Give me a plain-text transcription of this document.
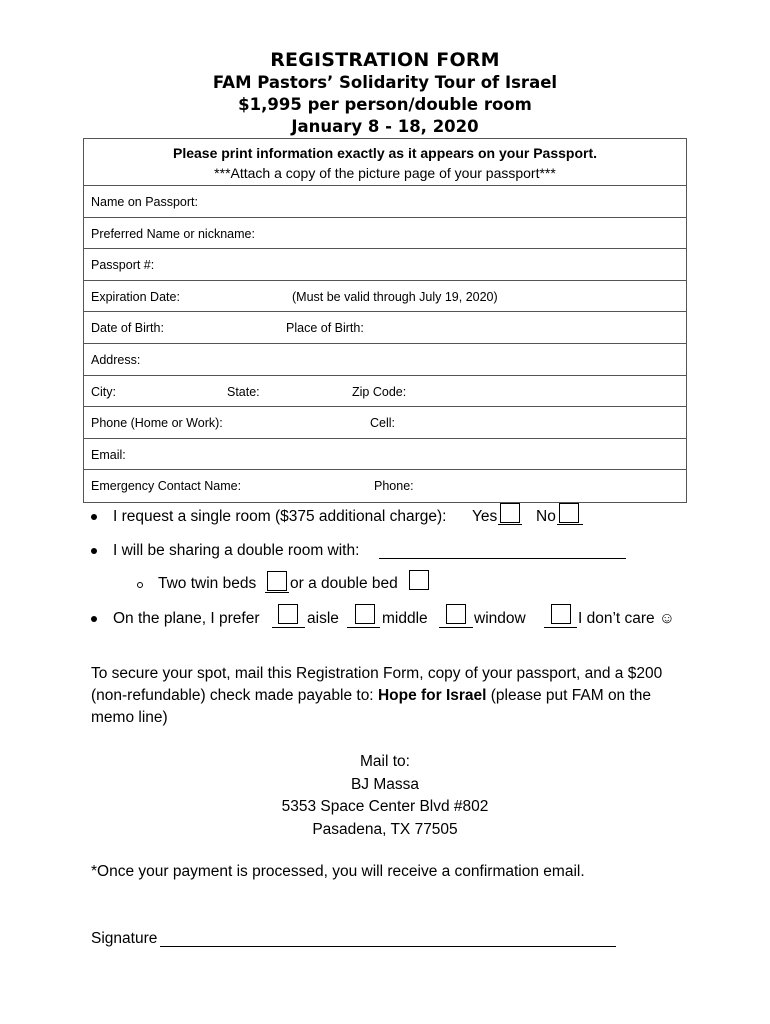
REGISTRATION FORM
FAM Pastors’ Solidarity Tour of Israel
$1,995 per person/double room
January 8 - 18, 2020
Please print information exactly as it appears on your Passport.
***Attach a copy of the picture page of your passport***
Name on Passport:
Preferred Name or nickname:
Passport #:
Expiration Date:	(Must be valid through July 19, 2020)
Date of Birth:	Place of Birth:
Address:
City:	State:	Zip Code:
Phone (Home or Work):	Cell:
Email:
Emergency Contact Name:	Phone:
I request a single room ($375 additional charge): Yes No
I will be sharing a double room with:
Two twin beds or a double bed
On the plane, I prefer	aisle	middle	window	I don’t care ☺
To secure your spot, mail this Registration Form, copy of your passport, and a $200 (non-refundable) check made payable to: Hope for Israel (please put FAM on the memo line)
Mail to:
BJ Massa
5353 Space Center Blvd #802
Pasadena, TX 77505
*Once your payment is processed, you will receive a confirmation email.
Signature
